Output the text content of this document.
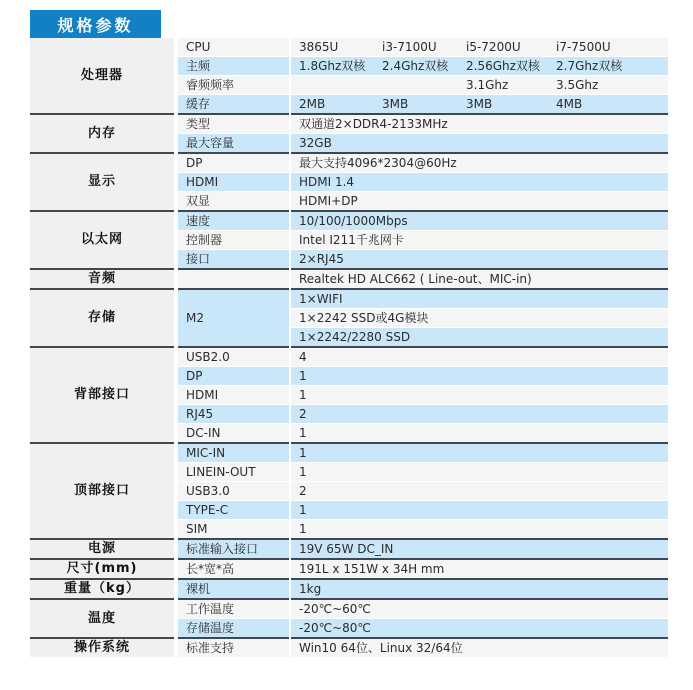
规格参数
处理器	CPU	3865U	i3-7100U	i5-7200U	i7-7500U
	主频	1.8Ghz双核	2.4Ghz双核	2.56Ghz双核	2.7Ghz双核
	睿频频率			3.1Ghz	3.5Ghz
	缓存	2MB	3MB	3MB	4MB
内存	类型	双通道2×DDR4-2133MHz			
	最大容量	32GB			
显示	DP	最大支持4096*2304@60Hz			
	HDMI	HDMI 1.4			
	双显	HDMI+DP			
以太网	速度	10/100/1000Mbps			
	控制器	Intel I211千兆网卡			
	接口	2×RJ45			
音频		Realtek HD ALC662 ( Line-out、MIC-in)			
存储	M2	1×WIFI			
		1×2242 SSD或4G模块			
		1×2242/2280 SSD			
背部接口	USB2.0	4			
	DP	1			
	HDMI	1			
	RJ45	2			
	DC-IN	1			
顶部接口	MIC-IN	1			
	LINEIN-OUT	1			
	USB3.0	2			
	TYPE-C	1			
	SIM	1			
电源	标准输入接口	19V 65W DC_IN			
尺寸(mm)	长*宽*高	191L x 151W x 34H mm			
重量（kg）	裸机	1kg			
温度	工作温度	-20℃~60℃			
	存储温度	-20℃~80℃			
操作系统	标准支持	Win10 64位、Linux 32/64位			
